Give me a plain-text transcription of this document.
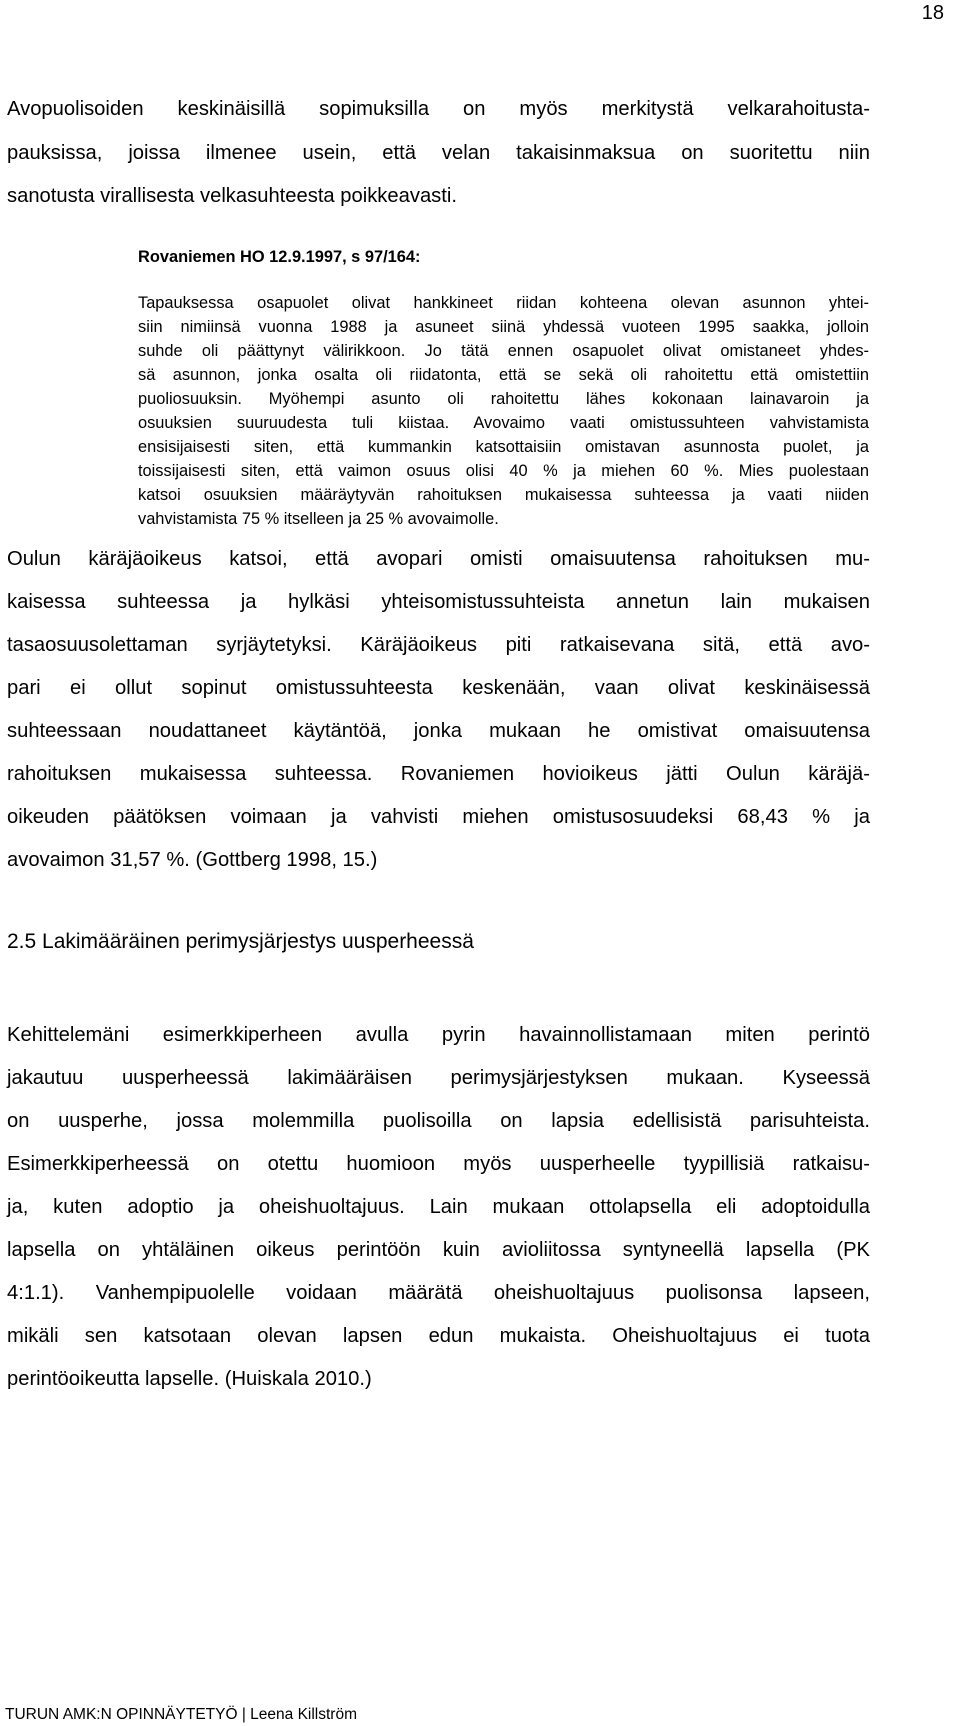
18
Avopuolisoiden keskinäisillä sopimuksilla on myös merkitystä velkarahoitusta-
pauksissa, joissa ilmenee usein, että velan takaisinmaksua on suoritettu niin
sanotusta virallisesta velkasuhteesta poikkeavasti.
Rovaniemen HO 12.9.1997, s 97/164:
Tapauksessa osapuolet olivat hankkineet riidan kohteena olevan asunnon yhtei-
siin nimiinsä vuonna 1988 ja asuneet siinä yhdessä vuoteen 1995 saakka, jolloin
suhde oli päättynyt välirikkoon. Jo tätä ennen osapuolet olivat omistaneet yhdes-
sä asunnon, jonka osalta oli riidatonta, että se sekä oli rahoitettu että omistettiin
puoliosuuksin. Myöhempi asunto oli rahoitettu lähes kokonaan lainavaroin ja
osuuksien suuruudesta tuli kiistaa. Avovaimo vaati omistussuhteen vahvistamista
ensisijaisesti siten, että kummankin katsottaisiin omistavan asunnosta puolet, ja
toissijaisesti siten, että vaimon osuus olisi 40 % ja miehen 60 %. Mies puolestaan
katsoi osuuksien määräytyvän rahoituksen mukaisessa suhteessa ja vaati niiden
vahvistamista 75 % itselleen ja 25 % avovaimolle.
Oulun käräjäoikeus katsoi, että avopari omisti omaisuutensa rahoituksen mu-
kaisessa suhteessa ja hylkäsi yhteisomistussuhteista annetun lain mukaisen
tasaosuusolettaman syrjäytetyksi. Käräjäoikeus piti ratkaisevana sitä, että avo-
pari ei ollut sopinut omistussuhteesta keskenään, vaan olivat keskinäisessä
suhteessaan noudattaneet käytäntöä, jonka mukaan he omistivat omaisuutensa
rahoituksen mukaisessa suhteessa. Rovaniemen hovioikeus jätti Oulun käräjä-
oikeuden päätöksen voimaan ja vahvisti miehen omistusosuudeksi 68,43 % ja
avovaimon 31,57 %. (Gottberg 1998, 15.)
2.5 Lakimääräinen perimysjärjestys uusperheessä
Kehittelemäni esimerkkiperheen avulla pyrin havainnollistamaan miten perintö
jakautuu uusperheessä lakimääräisen perimysjärjestyksen mukaan. Kyseessä
on uusperhe, jossa molemmilla puolisoilla on lapsia edellisistä parisuhteista.
Esimerkkiperheessä on otettu huomioon myös uusperheelle tyypillisiä ratkaisu-
ja, kuten adoptio ja oheishuoltajuus. Lain mukaan ottolapsella eli adoptoidulla
lapsella on yhtäläinen oikeus perintöön kuin avioliitossa syntyneellä lapsella (PK
4:1.1). Vanhempipuolelle voidaan määrätä oheishuoltajuus puolisonsa lapseen,
mikäli sen katsotaan olevan lapsen edun mukaista. Oheishuoltajuus ei tuota
perintöoikeutta lapselle. (Huiskala 2010.)
TURUN AMK:N OPINNÄYTETYÖ | Leena Killström
